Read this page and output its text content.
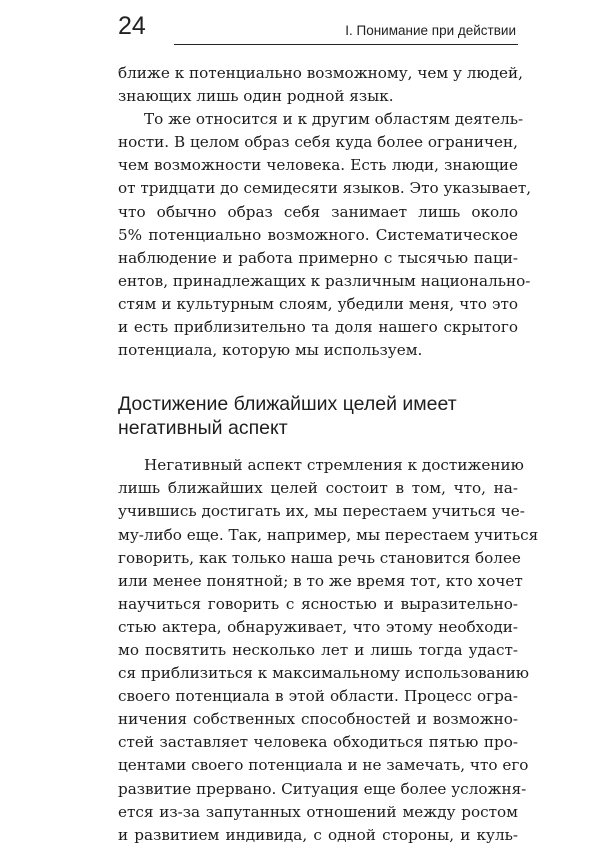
24	I. Понимание при действии
ближе к потенциально возможному, чем у людей,
знающих лишь один родной язык.
То же относится и к другим областям деятель-
ности. В целом образ себя куда более ограничен,
чем возможности человека. Есть люди, знающие
от тридцати до семидесяти языков. Это указывает,
что обычно образ себя занимает лишь около
5% потенциально возможного. Систематическое
наблюдение и работа примерно с тысячью паци-
ентов, принадлежащих к различным национально-
стям и культурным слоям, убедили меня, что это
и есть приблизительно та доля нашего скрытого
потенциала, которую мы используем.
Достижение ближайших целей имеет
негативный аспект
Негативный аспект стремления к достижению
лишь ближайших целей состоит в том, что, на-
учившись достигать их, мы перестаем учиться че-
му-либо еще. Так, например, мы перестаем учиться
говорить, как только наша речь становится более
или менее понятной; в то же время тот, кто хочет
научиться говорить с ясностью и выразительно-
стью актера, обнаруживает, что этому необходи-
мо посвятить несколько лет и лишь тогда удаст-
ся приблизиться к максимальному использованию
своего потенциала в этой области. Процесс огра-
ничения собственных способностей и возможно-
стей заставляет человека обходиться пятью про-
центами своего потенциала и не замечать, что его
развитие прервано. Ситуация еще более усложня-
ется из-за запутанных отношений между ростом
и развитием индивида, с одной стороны, и куль-
